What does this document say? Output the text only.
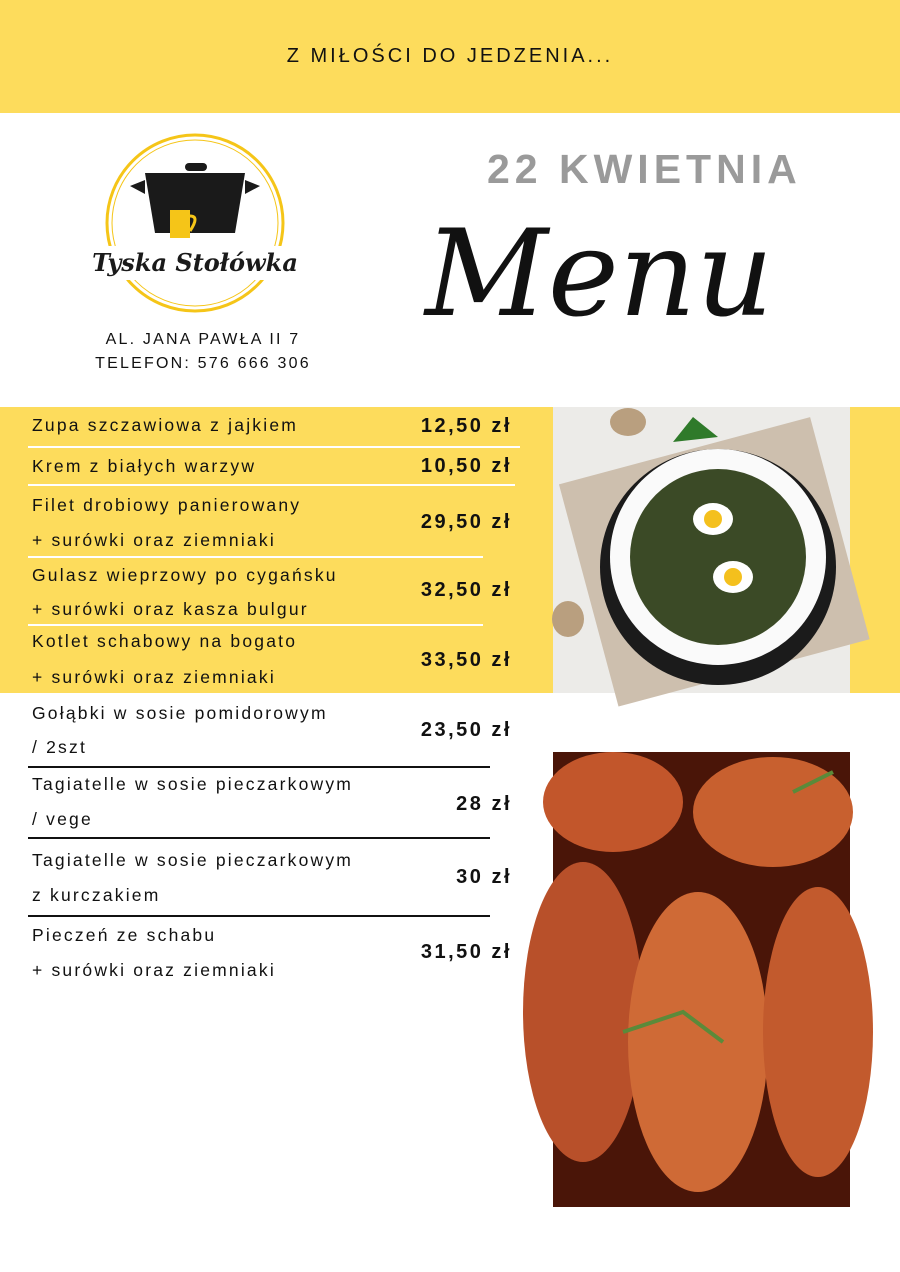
Z MIŁOŚCI DO JEDZENIA...
Tyska Stołówka
AL. JANA PAWŁA II 7
TELEFON: 576 666 306
22 KWIETNIA
Menu
Zupa szczawiowa z jajkiem	12,50 zł
Krem z białych warzyw	10,50 zł
Filet drobiowy panierowany
+ surówki oraz ziemniaki
29,50 zł
Gulasz wieprzowy po cygańsku
+ surówki oraz kasza bulgur
32,50 zł
Kotlet schabowy na bogato
+ surówki oraz ziemniaki
33,50 zł
Gołąbki w sosie pomidorowym
/ 2szt
23,50 zł
Tagiatelle w sosie pieczarkowym
/ vege
28 zł
Tagiatelle w sosie pieczarkowym
z kurczakiem
30 zł
Pieczeń ze schabu
+ surówki oraz ziemniaki
31,50 zł
